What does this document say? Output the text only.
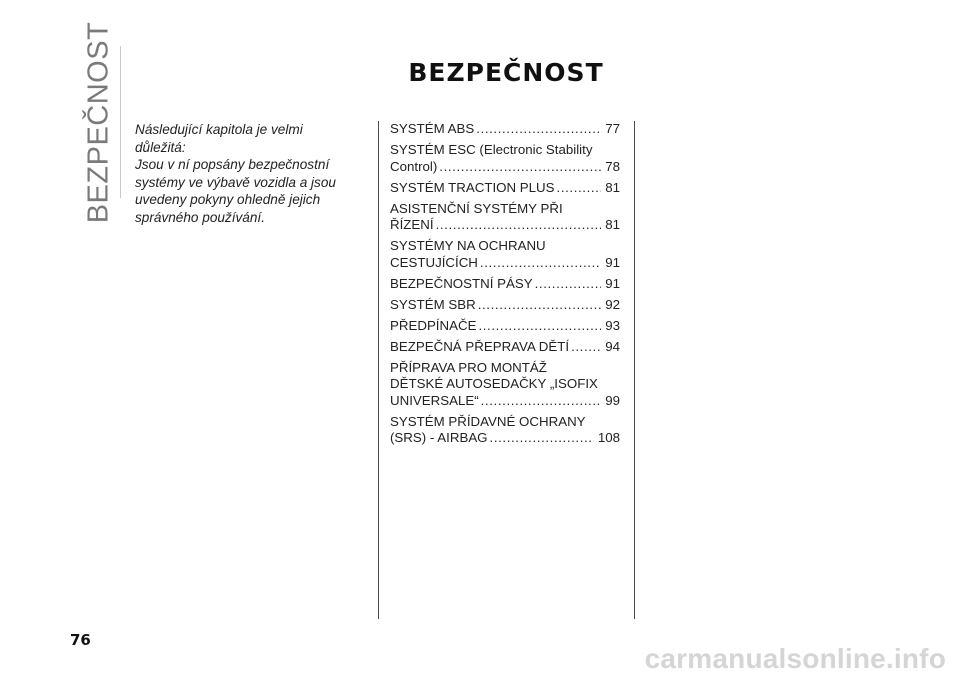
BEZPEČNOST	BEZPEČNOST
Následující kapitola je velmi důležitá:
Jsou v ní popsány bezpečnostní
systémy ve výbavě vozidla a jsou
uvedeny pokyny ohledně jejich
správného používání.
SYSTÉM ABS .....	77
SYSTÉM ESC (Electronic Stability
Control) .....	78
SYSTÉM TRACTION PLUS .....	81
ASISTENČNÍ SYSTÉMY PŘI
ŘÍZENÍ .....	81
SYSTÉMY NA OCHRANU
CESTUJÍCÍCH .....	91
BEZPEČNOSTNÍ PÁSY .....	91
SYSTÉM SBR .....	92
PŘEDPÍNAČE .....	93
BEZPEČNÁ PŘEPRAVA DĚTÍ .....	94
PŘÍPRAVA PRO MONTÁŽ
DĚTSKÉ AUTOSEDAČKY „ISOFIX
UNIVERSALE“ .....	99
SYSTÉM PŘÍDAVNÉ OCHRANY
(SRS) - AIRBAG .....	108
76
carmanualsonline.info
